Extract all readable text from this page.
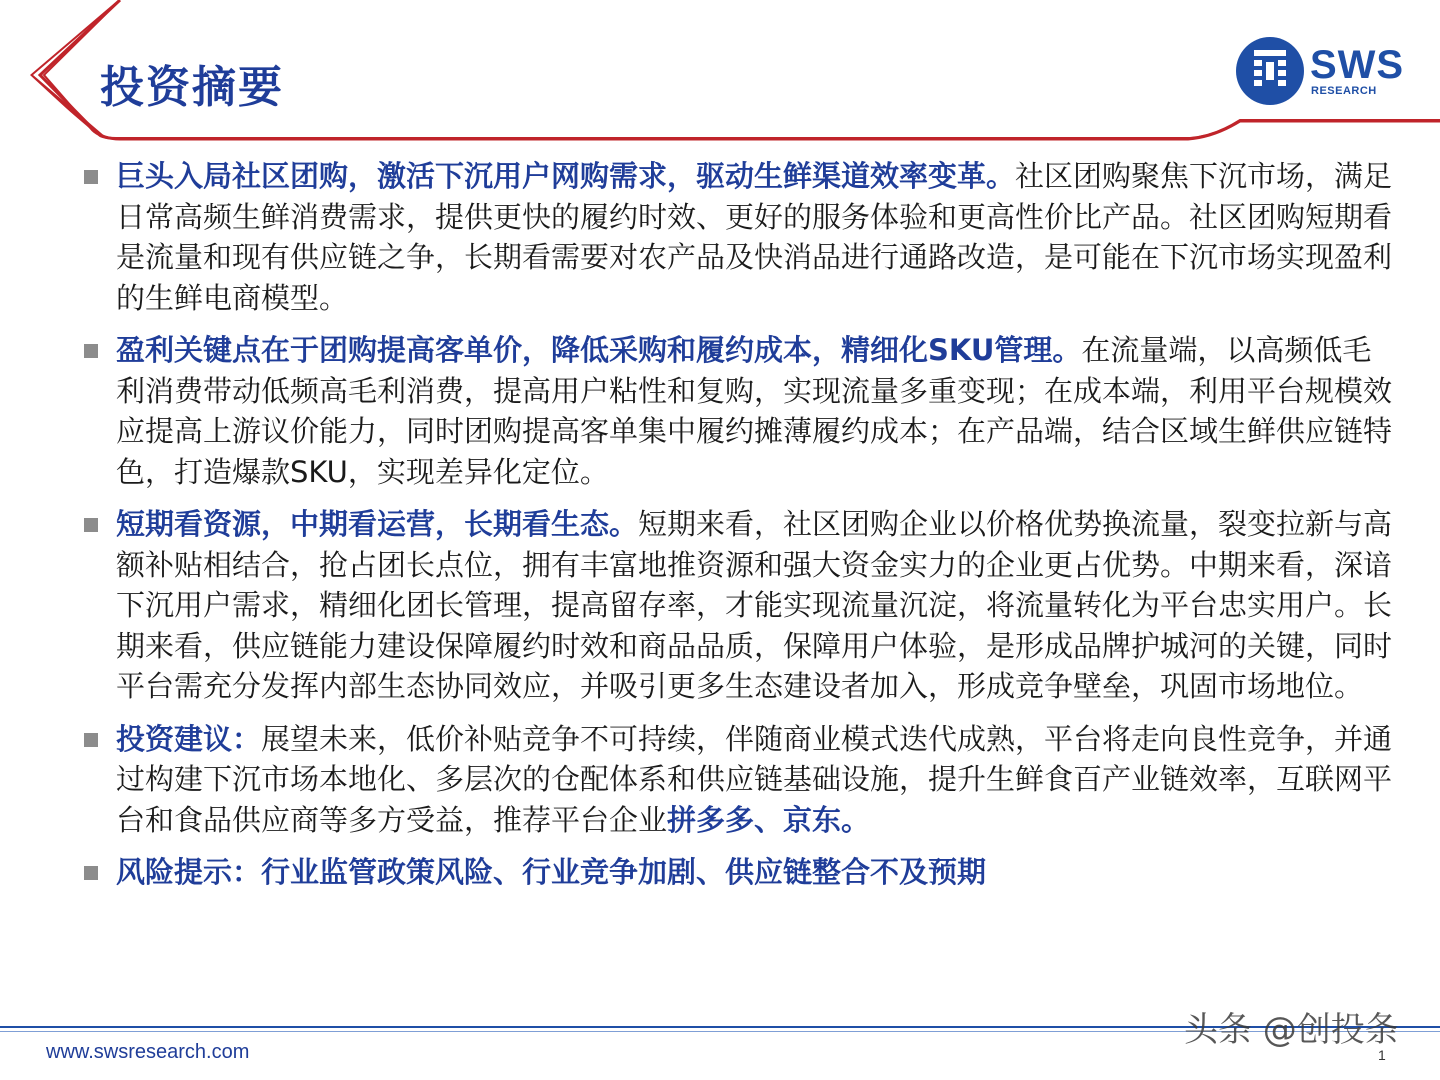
投资摘要	SWS
RESEARCH
巨头入局社区团购，激活下沉用户网购需求，驱动生鲜渠道效率变革。社区团购聚焦下沉市场，满足日常高频生鲜消费需求，提供更快的履约时效、更好的服务体验和更高性价比产品。社区团购短期看是流量和现有供应链之争，长期看需要对农产品及快消品进行通路改造，是可能在下沉市场实现盈利的生鲜电商模型。
盈利关键点在于团购提高客单价，降低采购和履约成本，精细化SKU管理。在流量端，以高频低毛利消费带动低频高毛利消费，提高用户粘性和复购，实现流量多重变现；在成本端，利用平台规模效应提高上游议价能力，同时团购提高客单集中履约摊薄履约成本；在产品端，结合区域生鲜供应链特色，打造爆款SKU，实现差异化定位。
短期看资源，中期看运营，长期看生态。短期来看，社区团购企业以价格优势换流量，裂变拉新与高额补贴相结合，抢占团长点位，拥有丰富地推资源和强大资金实力的企业更占优势。中期来看，深谙下沉用户需求，精细化团长管理，提高留存率，才能实现流量沉淀，将流量转化为平台忠实用户。长期来看，供应链能力建设保障履约时效和商品品质，保障用户体验，是形成品牌护城河的关键，同时平台需充分发挥内部生态协同效应，并吸引更多生态建设者加入，形成竞争壁垒，巩固市场地位。
投资建议：展望未来，低价补贴竞争不可持续，伴随商业模式迭代成熟，平台将走向良性竞争，并通过构建下沉市场本地化、多层次的仓配体系和供应链基础设施，提升生鲜食百产业链效率，互联网平台和食品供应商等多方受益，推荐平台企业拼多多、京东。
风险提示：行业监管政策风险、行业竞争加剧、供应链整合不及预期
www.swsresearch.com
头条 @创投条
1
